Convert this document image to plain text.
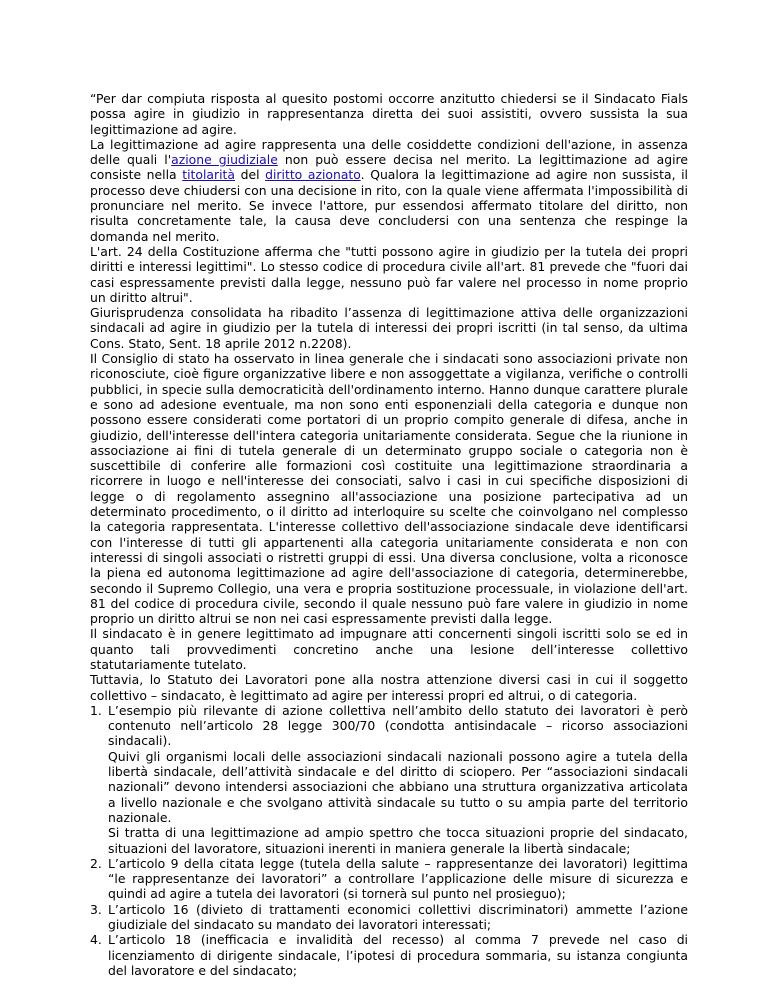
“Per dar compiuta risposta al quesito postomi occorre anzitutto chiedersi se il Sindacato Fials possa agire in giudizio in rappresentanza diretta dei suoi assistiti, ovvero sussista la sua legittimazione ad agire.

La legittimazione ad agire rappresenta una delle cosiddette condizioni dell'azione, in assenza delle quali l'azione giudiziale non può essere decisa nel merito. La legittimazione ad agire consiste nella titolarità del diritto azionato. Qualora la legittimazione ad agire non sussista, il processo deve chiudersi con una decisione in rito, con la quale viene affermata l'impossibilità di pronunciare nel merito. Se invece l'attore, pur essendosi affermato titolare del diritto, non risulta concretamente tale, la causa deve concludersi con una sentenza che respinge la domanda nel merito.

L'art. 24 della Costituzione afferma che "tutti possono agire in giudizio per la tutela dei propri diritti e interessi legittimi". Lo stesso codice di procedura civile all'art. 81 prevede che "fuori dai casi espressamente previsti dalla legge, nessuno può far valere nel processo in nome proprio un diritto altrui".

Giurisprudenza consolidata ha ribadito l’assenza di legittimazione attiva delle organizzazioni sindacali ad agire in giudizio per la tutela di interessi dei propri iscritti (in tal senso, da ultima Cons. Stato, Sent. 18 aprile 2012 n.2208).

Il Consiglio di stato ha osservato in linea generale che i sindacati sono associazioni private non riconosciute, cioè figure organizzative libere e non assoggettate a vigilanza, verifiche o controlli pubblici, in specie sulla democraticità dell'ordinamento interno. Hanno dunque carattere plurale e sono ad adesione eventuale, ma non sono enti esponenziali della categoria e dunque non possono essere considerati come portatori di un proprio compito generale di difesa, anche in giudizio, dell'interesse dell'intera categoria unitariamente considerata. Segue che la riunione in associazione ai fini di tutela generale di un determinato gruppo sociale o categoria non è suscettibile di conferire alle formazioni così costituite una legittimazione straordinaria a ricorrere in luogo e nell'interesse dei consociati, salvo i casi in cui specifiche disposizioni di legge o di regolamento assegnino all'associazione una posizione partecipativa ad un determinato procedimento, o il diritto ad interloquire su scelte che coinvolgano nel complesso la categoria rappresentata. L'interesse collettivo dell'associazione sindacale deve identificarsi con l'interesse di tutti gli appartenenti alla categoria unitariamente considerata e non con interessi di singoli associati o ristretti gruppi di essi. Una diversa conclusione, volta a riconosce la piena ed autonoma legittimazione ad agire dell'associazione di categoria, determinerebbe, secondo il Supremo Collegio, una vera e propria sostituzione processuale, in violazione dell'art. 81 del codice di procedura civile, secondo il quale nessuno può fare valere in giudizio in nome proprio un diritto altrui se non nei casi espressamente previsti dalla legge.

Il sindacato è in genere legittimato ad impugnare atti concernenti singoli iscritti solo se ed in quanto tali provvedimenti concretino anche una lesione dell’interesse collettivo statutariamente tutelato.

Tuttavia, lo Statuto dei Lavoratori pone alla nostra attenzione diversi casi in cui il soggetto collettivo – sindacato, è legittimato ad agire per interessi propri ed altrui, o di categoria.

1. L’esempio più rilevante di azione collettiva nell’ambito dello statuto dei lavoratori è però contenuto nell’articolo 28 legge 300/70 (condotta antisindacale – ricorso associazioni sindacali).

Quivi gli organismi locali delle associazioni sindacali nazionali possono agire a tutela della libertà sindacale, dell’attività sindacale e del diritto di sciopero. Per “associazioni sindacali nazionali” devono intendersi associazioni che abbiano una struttura organizzativa articolata a livello nazionale e che svolgano attività sindacale su tutto o su ampia parte del territorio nazionale.

Si tratta di una legittimazione ad ampio spettro che tocca situazioni proprie del sindacato, situazioni del lavoratore, situazioni inerenti in maniera generale la libertà sindacale;

2. L’articolo 9 della citata legge (tutela della salute – rappresentanze dei lavoratori) legittima “le rappresentanze dei lavoratori” a controllare l’applicazione delle misure di sicurezza e quindi ad agire a tutela dei lavoratori (si tornerà sul punto nel prosieguo);

3. L’articolo 16 (divieto di trattamenti economici collettivi discriminatori) ammette l’azione giudiziale del sindacato su mandato dei lavoratori interessati;

4. L’articolo 18 (inefficacia e invalidità del recesso) al comma 7 prevede nel caso di licenziamento di dirigente sindacale, l’ipotesi di procedura sommaria, su istanza congiunta del lavoratore e del sindacato;
